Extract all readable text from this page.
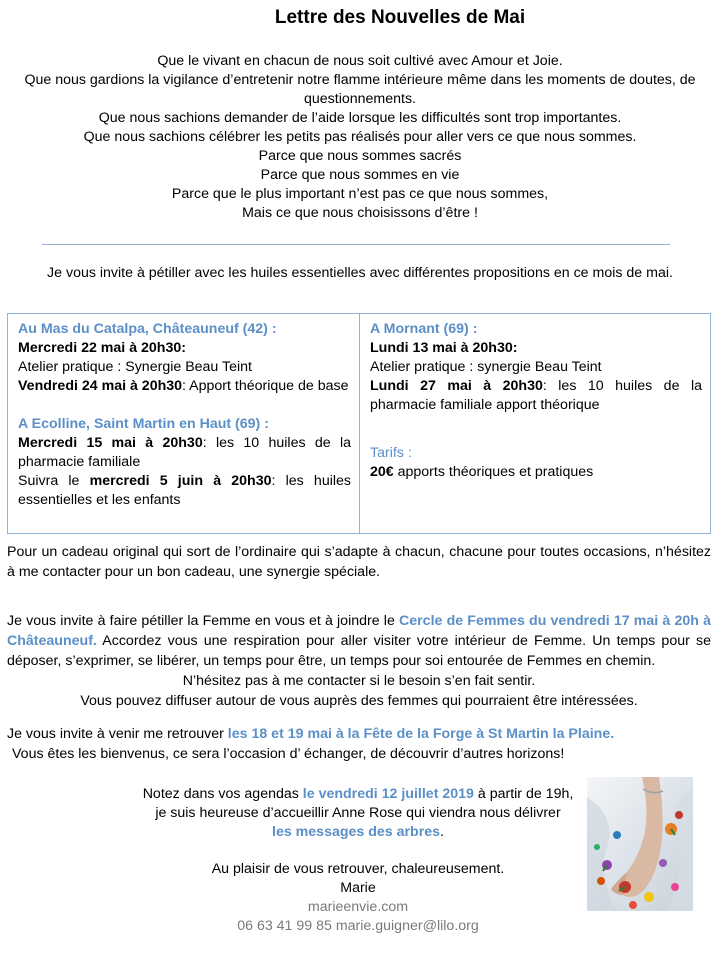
Lettre des Nouvelles de Mai
Que le vivant en chacun de nous soit cultivé avec Amour et Joie.
Que nous gardions la vigilance d’entretenir notre flamme intérieure même dans les moments de doutes, de questionnements.
Que nous sachions demander de l’aide lorsque les difficultés sont trop importantes.
Que nous sachions célébrer les petits pas réalisés pour aller vers ce que nous sommes.
Parce que nous sommes sacrés
Parce que nous sommes en vie
Parce que le plus important n’est pas ce que nous sommes,
Mais ce que nous choisissons d’être !
Je vous invite à pétiller avec les huiles essentielles avec différentes propositions en ce mois de mai.
Au Mas du Catalpa, Châteauneuf (42) :
Mercredi 22 mai à 20h30:
Atelier pratique : Synergie Beau Teint
Vendredi 24 mai à 20h30: Apport théorique de base
A Ecolline, Saint Martin en Haut (69) :
Mercredi 15 mai à 20h30: les 10 huiles de la pharmacie familiale
Suivra le mercredi 5 juin à 20h30: les huiles essentielles et les enfants
A Mornant (69) :
Lundi 13 mai à 20h30:
Atelier pratique : synergie Beau Teint
Lundi 27 mai à 20h30: les 10 huiles de la pharmacie familiale apport théorique
Tarifs :
20€ apports théoriques et pratiques
Pour un cadeau original qui sort de l’ordinaire qui s’adapte à chacun, chacune pour toutes occasions, n’hésitez à me contacter pour un bon cadeau, une synergie spéciale.
Je vous invite à faire pétiller la Femme en vous et à joindre le Cercle de Femmes du vendredi 17 mai à 20h à Châteauneuf. Accordez vous une respiration pour aller visiter votre intérieur de Femme. Un temps pour se déposer, s’exprimer, se libérer, un temps pour être, un temps pour soi entourée de Femmes en chemin.
N’hésitez pas à me contacter si le besoin s’en fait sentir.
Vous pouvez diffuser autour de vous auprès des femmes qui pourraient être intéressées.
Je vous invite à venir me retrouver les 18 et 19 mai à la Fête de la Forge à St Martin la Plaine.
Vous êtes les bienvenus, ce sera l’occasion d’ échanger, de découvrir d’autres horizons!
Notez dans vos agendas le vendredi 12 juillet 2019 à partir de 19h,
je suis heureuse d’accueillir Anne Rose qui viendra nous délivrer
les messages des arbres.
Au plaisir de vous retrouver, chaleureusement.
Marie
marieenvie.com
06 63 41 99 85 marie.guigner@lilo.org
